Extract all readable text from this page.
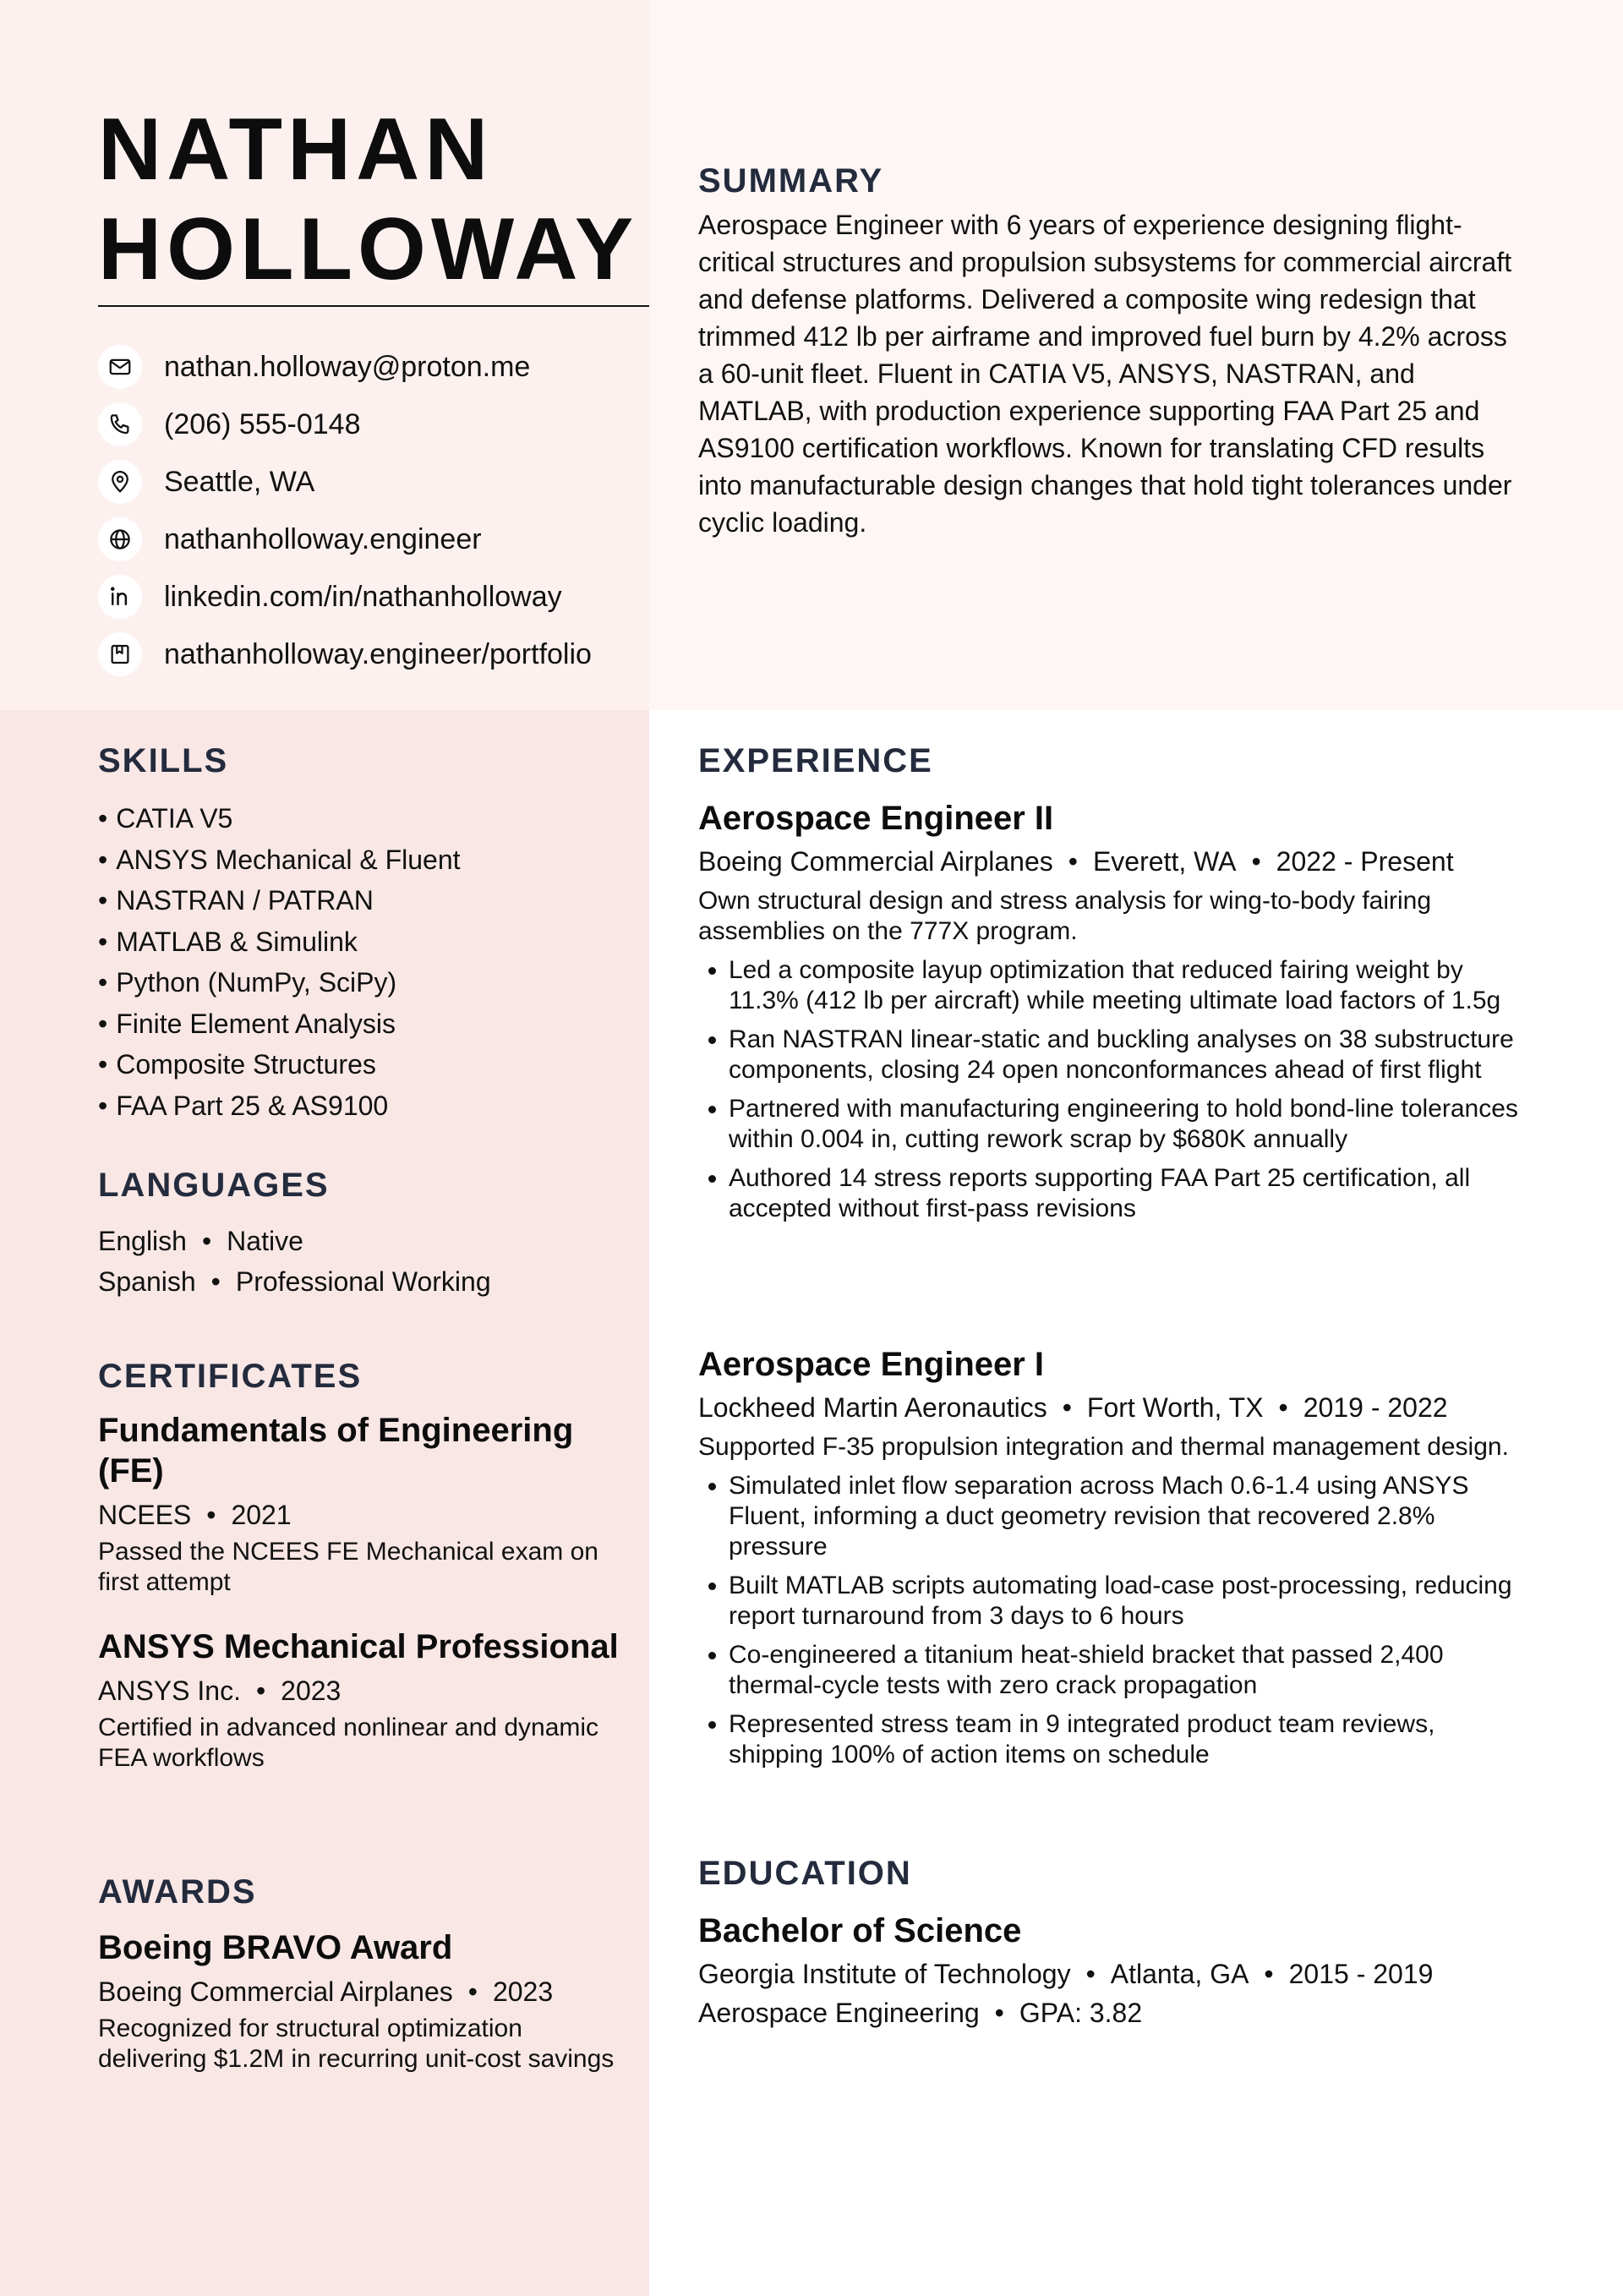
NATHAN
HOLLOWAY
nathan.holloway@proton.me
(206) 555-0148
Seattle, WA
nathanholloway.engineer
linkedin.com/in/nathanholloway
nathanholloway.engineer/portfolio
SUMMARY

Aerospace Engineer with 6 years of experience designing flight-critical structures and propulsion subsystems for commercial aircraft and defense platforms. Delivered a composite wing redesign that trimmed 412 lb per airframe and improved fuel burn by 4.2% across a 60-unit fleet. Fluent in CATIA V5, ANSYS, NASTRAN, and MATLAB, with production experience supporting FAA Part 25 and AS9100 certification workflows. Known for translating CFD results into manufacturable design changes that hold tight tolerances under cyclic loading.

SKILLS
• CATIA V5
• ANSYS Mechanical & Fluent
• NASTRAN / PATRAN
• MATLAB & Simulink
• Python (NumPy, SciPy)
• Finite Element Analysis
• Composite Structures
• FAA Part 25 & AS9100
LANGUAGES
English • Native
Spanish • Professional Working
CERTIFICATES
Fundamentals of Engineering (FE)
NCEES • 2021
Passed the NCEES FE Mechanical exam on first attempt
ANSYS Mechanical Professional
ANSYS Inc. • 2023
Certified in advanced nonlinear and dynamic FEA workflows
AWARDS
Boeing BRAVO Award
Boeing Commercial Airplanes • 2023
Recognized for structural optimization delivering $1.2M in recurring unit-cost savings
EXPERIENCE
Aerospace Engineer II
Boeing Commercial Airplanes • Everett, WA • 2022 - Present
Own structural design and stress analysis for wing-to-body fairing assemblies on the 777X program.
• Led a composite layup optimization that reduced fairing weight by 11.3% (412 lb per aircraft) while meeting ultimate load factors of 1.5g
• Ran NASTRAN linear-static and buckling analyses on 38 substructure components, closing 24 open nonconformances ahead of first flight
• Partnered with manufacturing engineering to hold bond-line tolerances within 0.004 in, cutting rework scrap by $680K annually
• Authored 14 stress reports supporting FAA Part 25 certification, all accepted without first-pass revisions
Aerospace Engineer I
Lockheed Martin Aeronautics • Fort Worth, TX • 2019 - 2022
Supported F-35 propulsion integration and thermal management design.
• Simulated inlet flow separation across Mach 0.6-1.4 using ANSYS Fluent, informing a duct geometry revision that recovered 2.8% pressure
• Built MATLAB scripts automating load-case post-processing, reducing report turnaround from 3 days to 6 hours
• Co-engineered a titanium heat-shield bracket that passed 2,400 thermal-cycle tests with zero crack propagation
• Represented stress team in 9 integrated product team reviews, shipping 100% of action items on schedule
EDUCATION
Bachelor of Science
Georgia Institute of Technology • Atlanta, GA • 2015 - 2019
Aerospace Engineering • GPA: 3.82
